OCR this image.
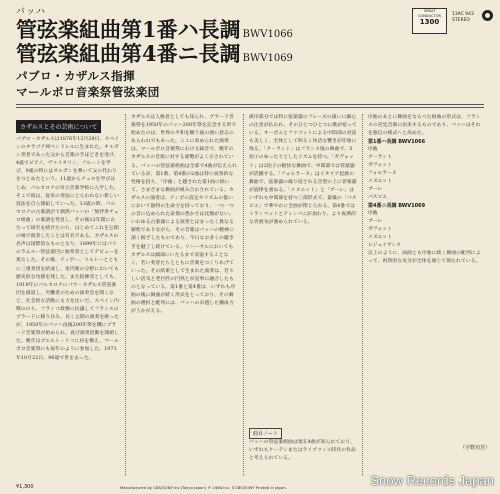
バッハ
管弦楽組曲第1番ハ長調 BWV1066
管弦楽組曲第4番ニ長調 BWV1069
パブロ・カザルス指揮
マールボロ音楽祭管弦楽団
GREAT
CONDUCTOR
1300
13AC 943
STEREO
カザルスとその芸術について
パブロ・カザルスは1876年12月29日、スペインのタラゴナ州ベンドレルに生まれた。オルガン奏者であった父から音楽の手ほどきを受け、4歳でピアノ、ヴァイオリン、フルートを学び、9歳の時にはオルガンを弾いて父の代わりをつとめたという。11歳からチェロを学びはじめ、バルセロナの市立音楽学校に入学した。そこで彼は、従来の奏法にとらわれない新しい技法を自ら開拓していった。13歳の時、バルセロナの古楽譜店で偶然バッハの「無伴奏チェロ組曲」の楽譜を発見し、その後12年間にわたって研究を続けたのち、はじめてこれを公開の場で演奏したことは有名である。カザルスの名声は国際的なものとなり、1899年にはパリのラムルー管弦楽団に独奏者としてデビューを果たした。その後、ティボー、コルトーとともに三重奏団を結成し、室内楽の分野においても歴史的な功績を残した。また指揮者としても、1919年にバルセロナにパウ・カザルス管弦楽団を創設し、労働者のための演奏会を開くなど、社会的な活動にも力を注いだ。スペイン内戦ののち、フランコ政権に抗議してフランスのプラードに移り住み、長く公開の演奏を絶ったが、1950年のバッハ没後200年祭を機にプラード音楽祭が始められ、再び演奏活動を開始した。晩年はプエルト・リコに居を構え、マールボロ音楽祭にも毎年のように参加した。1973年10月22日、96歳で世を去った。
カザルスは人格者としても知られ、プラード音楽祭を1950年のバッハ200年祭を記念する形で始めたのは、世界の平和を願う彼の強い意志のあらわれでもあった。ここに収められた演奏は、マールボロ音楽祭における録音で、晩年のカザルスの音楽に対する姿勢がよく示されている。バッハの管弦楽組曲は全部で4曲が伝えられているが、第1番、第4番の2曲は特に祝祭的な性格を持ち、「序曲」と題された第1曲に続いて、さまざまな舞曲が組み合わされている。カザルスの演奏は、テンポの設定やリズムの扱いにおいて独特の生命力を持っており、一つ一つの音に込められた表情の豊かさは比類がない。いわゆる古楽器による演奏とはまったく異なる解釈でありながら、その音楽はバッハの精神に深く根ざしたものであり、今日なお多くの聴き手を魅了し続けている。リハーサルにおいてもカザルスは細部にいたるまで妥協することなく、若い奏者たちとともに音楽をつくりあげていった。その結果として生まれた演奏は、若々しい活気と老巨匠の円熟とが見事に融合したものとなっている。第1番と第4番は、いずれも序曲の後に舞曲が続く形式をとっており、その舞曲の選択と配列には、バッハの卓越した構成力がうかがえる。
緩序部分では特に弦楽器のフレーズの扱いに細心の注意が払われ、そのひとつひとつに歌が宿っている。オーボエとファゴットによる中間部の対話も美しく、全体として明るく快活な響きが印象に残る。「クーラント」はフランス風の舞曲で、3拍子のゆったりとしたリズムを持つ。「ガヴォット」は2拍子の軽快な舞曲で、中間部では管楽器が活躍する。「フォルラーヌ」はイタリア起源の舞曲で、弦楽器の繰り返される音型の上に管楽器が旋律を重ねる。「メヌエット」と「ブーレ」はいずれも中間部を持つ三部形式で、最後の「パスピエ」で華やかに全曲が閉じられる。第4番ではトランペットとティンパニが加わり、より祝典的な雰囲気が強められている。
曲目ノート
バッハの管弦楽組曲は現在4曲が知られており、いずれもケーテンまたはライプツィヒ時代の作品と考えられている。
序曲のあとに舞曲をならべた組曲の形式は、フランスの宮廷音楽に由来するものであり、バッハはそれを独自の様式へと高めた。
第1番ハ長調 BWV1066
序曲
クーラント
ガヴォット
フォルラーヌ
メヌエット
ブーレ
パスピエ
第4番ニ長調 BWV1069
序曲
ブーレ
ガヴォット
メヌエット
レジュイサンス
以上のように、両曲とも序曲に続く舞曲の配列によって、祝祭的な気分が全体を通じて保たれている。
（宇野功芳）
¥1,300	Manufactured by CBS/SONY Inc.(Tokyo Japan) ℗ 1986 Inc. ©CBS/SONY Printed in Japan.	Snow Records Japan
